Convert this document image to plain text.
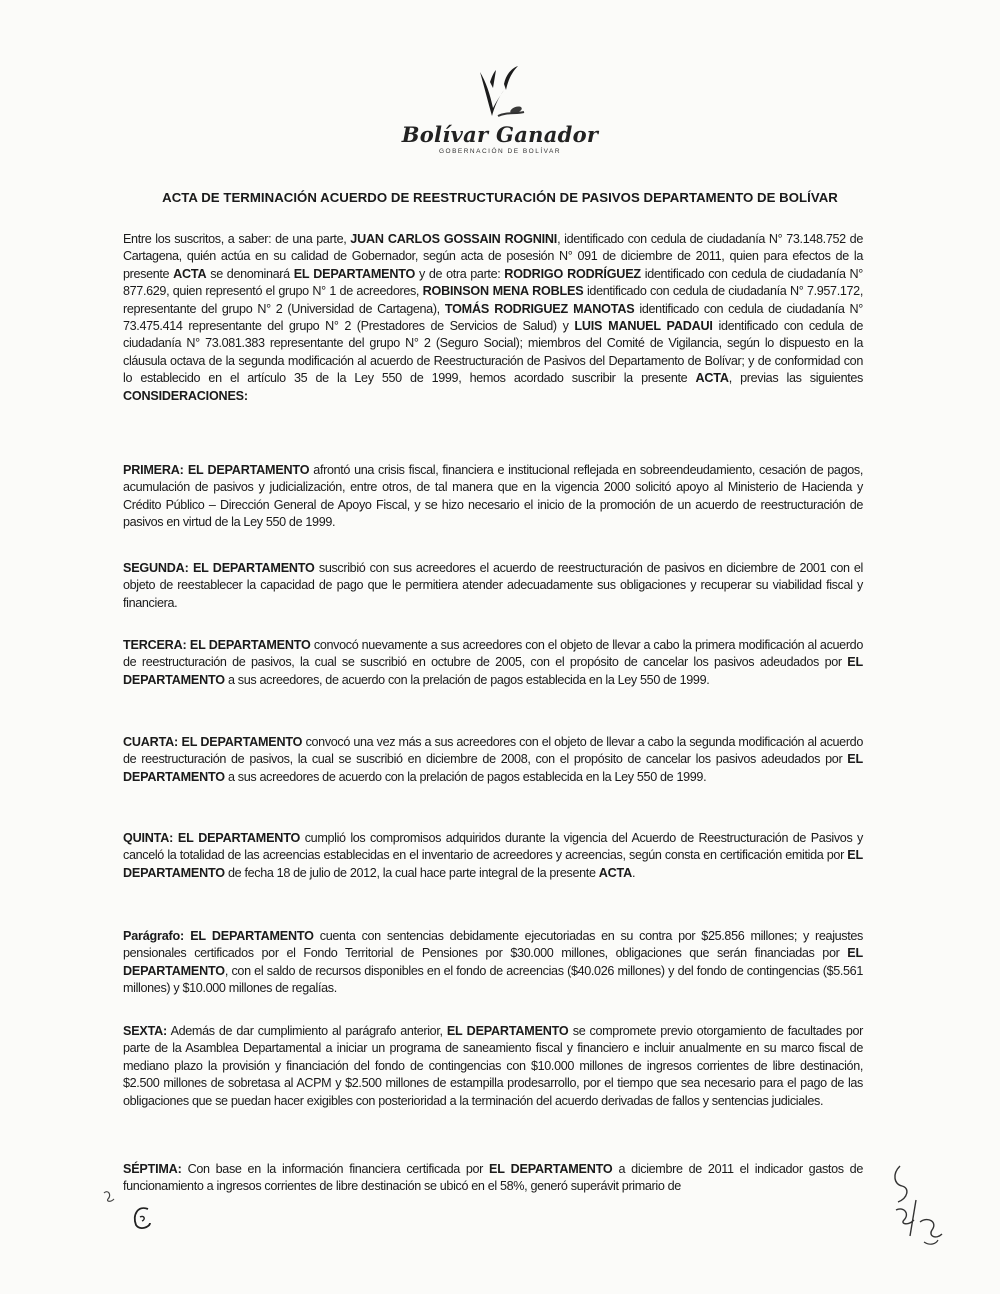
Bolívar Ganador
GOBERNACIÓN DE BOLÍVAR
ACTA DE TERMINACIÓN ACUERDO DE REESTRUCTURACIÓN DE PASIVOS DEPARTAMENTO DE BOLÍVAR
Entre los suscritos, a saber: de una parte, JUAN CARLOS GOSSAIN ROGNINI, identificado con cedula de ciudadanía N° 73.148.752 de Cartagena, quién actúa en su calidad de Gobernador, según acta de posesión N° 091 de diciembre de 2011, quien para efectos de la presente ACTA se denominará EL DEPARTAMENTO y de otra parte: RODRIGO RODRÍGUEZ identificado con cedula de ciudadanía N° 877.629, quien representó el grupo N° 1 de acreedores, ROBINSON MENA ROBLES identificado con cedula de ciudadanía N° 7.957.172, representante del grupo N° 2 (Universidad de Cartagena), TOMÁS RODRIGUEZ MANOTAS identificado con cedula de ciudadanía N° 73.475.414 representante del grupo N° 2 (Prestadores de Servicios de Salud) y LUIS MANUEL PADAUI identificado con cedula de ciudadanía N° 73.081.383 representante del grupo N° 2 (Seguro Social); miembros del Comité de Vigilancia, según lo dispuesto en la cláusula octava de la segunda modificación al acuerdo de Reestructuración de Pasivos del Departamento de Bolívar; y de conformidad con lo establecido en el artículo 35 de la Ley 550 de 1999, hemos acordado suscribir la presente ACTA, previas las siguientes CONSIDERACIONES:
PRIMERA: EL DEPARTAMENTO afrontó una crisis fiscal, financiera e institucional reflejada en sobreendeudamiento, cesación de pagos, acumulación de pasivos y judicialización, entre otros, de tal manera que en la vigencia 2000 solicitó apoyo al Ministerio de Hacienda y Crédito Público – Dirección General de Apoyo Fiscal, y se hizo necesario el inicio de la promoción de un acuerdo de reestructuración de pasivos en virtud de la Ley 550 de 1999.
SEGUNDA: EL DEPARTAMENTO suscribió con sus acreedores el acuerdo de reestructuración de pasivos en diciembre de 2001 con el objeto de reestablecer la capacidad de pago que le permitiera atender adecuadamente sus obligaciones y recuperar su viabilidad fiscal y financiera.
TERCERA: EL DEPARTAMENTO convocó nuevamente a sus acreedores con el objeto de llevar a cabo la primera modificación al acuerdo de reestructuración de pasivos, la cual se suscribió en octubre de 2005, con el propósito de cancelar los pasivos adeudados por EL DEPARTAMENTO a sus acreedores, de acuerdo con la prelación de pagos establecida en la Ley 550 de 1999.
CUARTA: EL DEPARTAMENTO convocó una vez más a sus acreedores con el objeto de llevar a cabo la segunda modificación al acuerdo de reestructuración de pasivos, la cual se suscribió en diciembre de 2008, con el propósito de cancelar los pasivos adeudados por EL DEPARTAMENTO a sus acreedores de acuerdo con la prelación de pagos establecida en la Ley 550 de 1999.
QUINTA: EL DEPARTAMENTO cumplió los compromisos adquiridos durante la vigencia del Acuerdo de Reestructuración de Pasivos y canceló la totalidad de las acreencias establecidas en el inventario de acreedores y acreencias, según consta en certificación emitida por EL DEPARTAMENTO de fecha 18 de julio de 2012, la cual hace parte integral de la presente ACTA.
Parágrafo: EL DEPARTAMENTO cuenta con sentencias debidamente ejecutoriadas en su contra por $25.856 millones; y reajustes pensionales certificados por el Fondo Territorial de Pensiones por $30.000 millones, obligaciones que serán financiadas por EL DEPARTAMENTO, con el saldo de recursos disponibles en el fondo de acreencias ($40.026 millones) y del fondo de contingencias ($5.561 millones) y $10.000 millones de regalías.
SEXTA: Además de dar cumplimiento al parágrafo anterior, EL DEPARTAMENTO se compromete previo otorgamiento de facultades por parte de la Asamblea Departamental a iniciar un programa de saneamiento fiscal y financiero e incluir anualmente en su marco fiscal de mediano plazo la provisión y financiación del fondo de contingencias con $10.000 millones de ingresos corrientes de libre destinación, $2.500 millones de sobretasa al ACPM y $2.500 millones de estampilla prodesarrollo, por el tiempo que sea necesario para el pago de las obligaciones que se puedan hacer exigibles con posterioridad a la terminación del acuerdo derivadas de fallos y sentencias judiciales.
SÉPTIMA: Con base en la información financiera certificada por EL DEPARTAMENTO a diciembre de 2011 el indicador gastos de funcionamiento a ingresos corrientes de libre destinación se ubicó en el 58%, generó superávit primario de
